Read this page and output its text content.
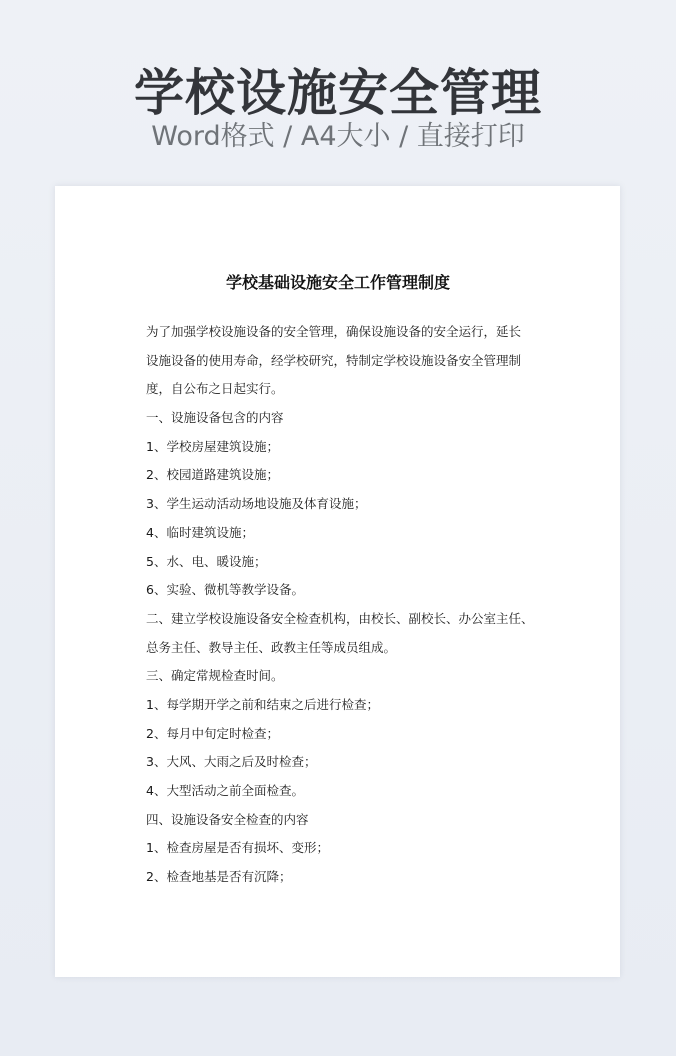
学校设施安全管理
Word格式 / A4大小 / 直接打印
学校基础设施安全工作管理制度
为了加强学校设施设备的安全管理，确保设施设备的安全运行，延长
设施设备的使用寿命，经学校研究，特制定学校设施设备安全管理制
度，自公布之日起实行。
一、设施设备包含的内容
1、学校房屋建筑设施；
2、校园道路建筑设施；
3、学生运动活动场地设施及体育设施；
4、临时建筑设施；
5、水、电、暖设施；
6、实验、微机等教学设备。
二、建立学校设施设备安全检查机构，由校长、副校长、办公室主任、
总务主任、教导主任、政教主任等成员组成。
三、确定常规检查时间。
1、每学期开学之前和结束之后进行检查；
2、每月中旬定时检查；
3、大风、大雨之后及时检查；
4、大型活动之前全面检查。
四、设施设备安全检查的内容
1、检查房屋是否有损坏、变形；
2、检查地基是否有沉降；
